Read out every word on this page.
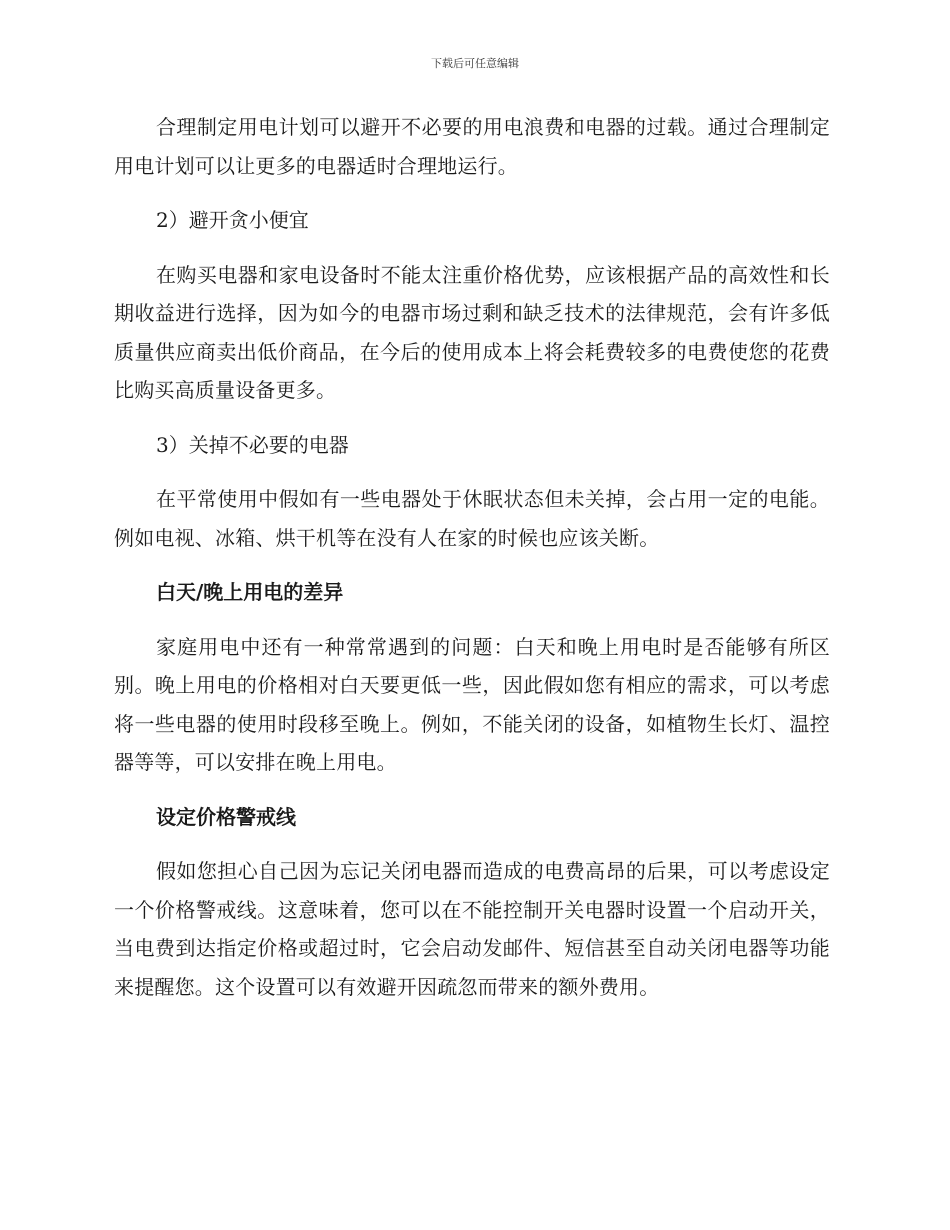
下载后可任意编辑

合理制定用电计划可以避开不必要的用电浪费和电器的过载。通过合理制定用电计划可以让更多的电器适时合理地运行。

2）避开贪小便宜

在购买电器和家电设备时不能太注重价格优势，应该根据产品的高效性和长期收益进行选择，因为如今的电器市场过剩和缺乏技术的法律规范，会有许多低质量供应商卖出低价商品，在今后的使用成本上将会耗费较多的电费使您的花费比购买高质量设备更多。

3）关掉不必要的电器

在平常使用中假如有一些电器处于休眠状态但未关掉，会占用一定的电能。例如电视、冰箱、烘干机等在没有人在家的时候也应该关断。

白天/晚上用电的差异

家庭用电中还有一种常常遇到的问题：白天和晚上用电时是否能够有所区别。晚上用电的价格相对白天要更低一些，因此假如您有相应的需求，可以考虑将一些电器的使用时段移至晚上。例如，不能关闭的设备，如植物生长灯、温控器等等，可以安排在晚上用电。

设定价格警戒线

假如您担心自己因为忘记关闭电器而造成的电费高昂的后果，可以考虑设定一个价格警戒线。这意味着，您可以在不能控制开关电器时设置一个启动开关，当电费到达指定价格或超过时，它会启动发邮件、短信甚至自动关闭电器等功能来提醒您。这个设置可以有效避开因疏忽而带来的额外费用。
